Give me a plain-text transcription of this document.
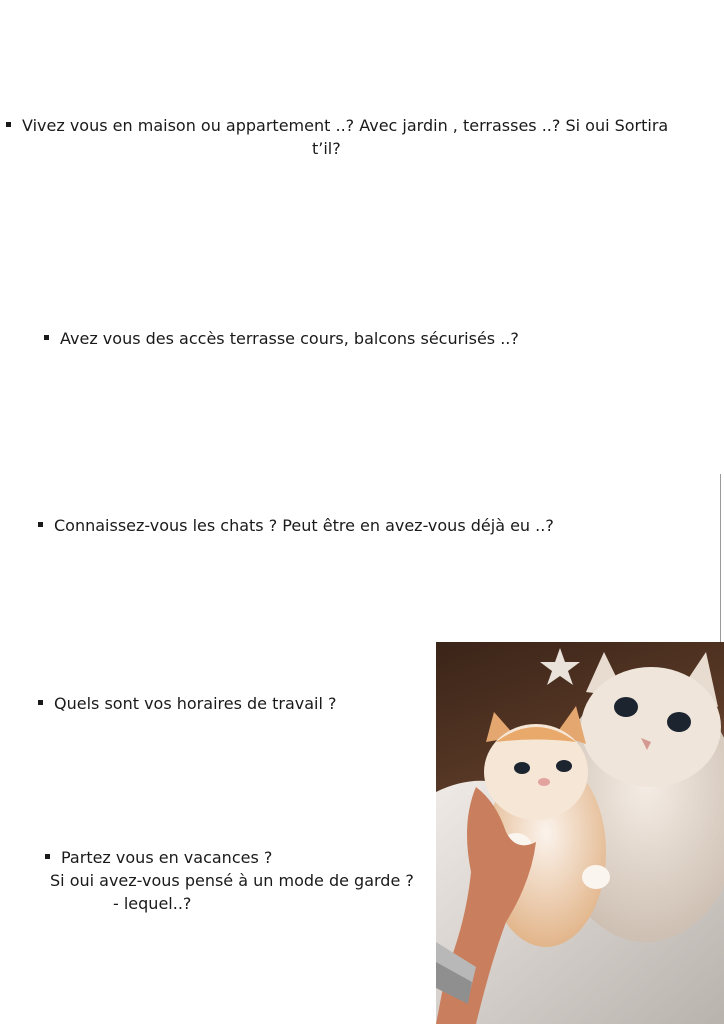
Vivez vous en maison ou appartement ..? Avec jardin , terrasses ..? Si oui Sortira
t’il?
Avez vous des accès terrasse cours, balcons sécurisés ..?
Connaissez-vous les chats ? Peut être en avez-vous déjà eu ..?
Quels sont vos horaires de travail ?
Partez vous en vacances ?
Si oui avez-vous pensé à un mode de garde ?
- lequel..?
